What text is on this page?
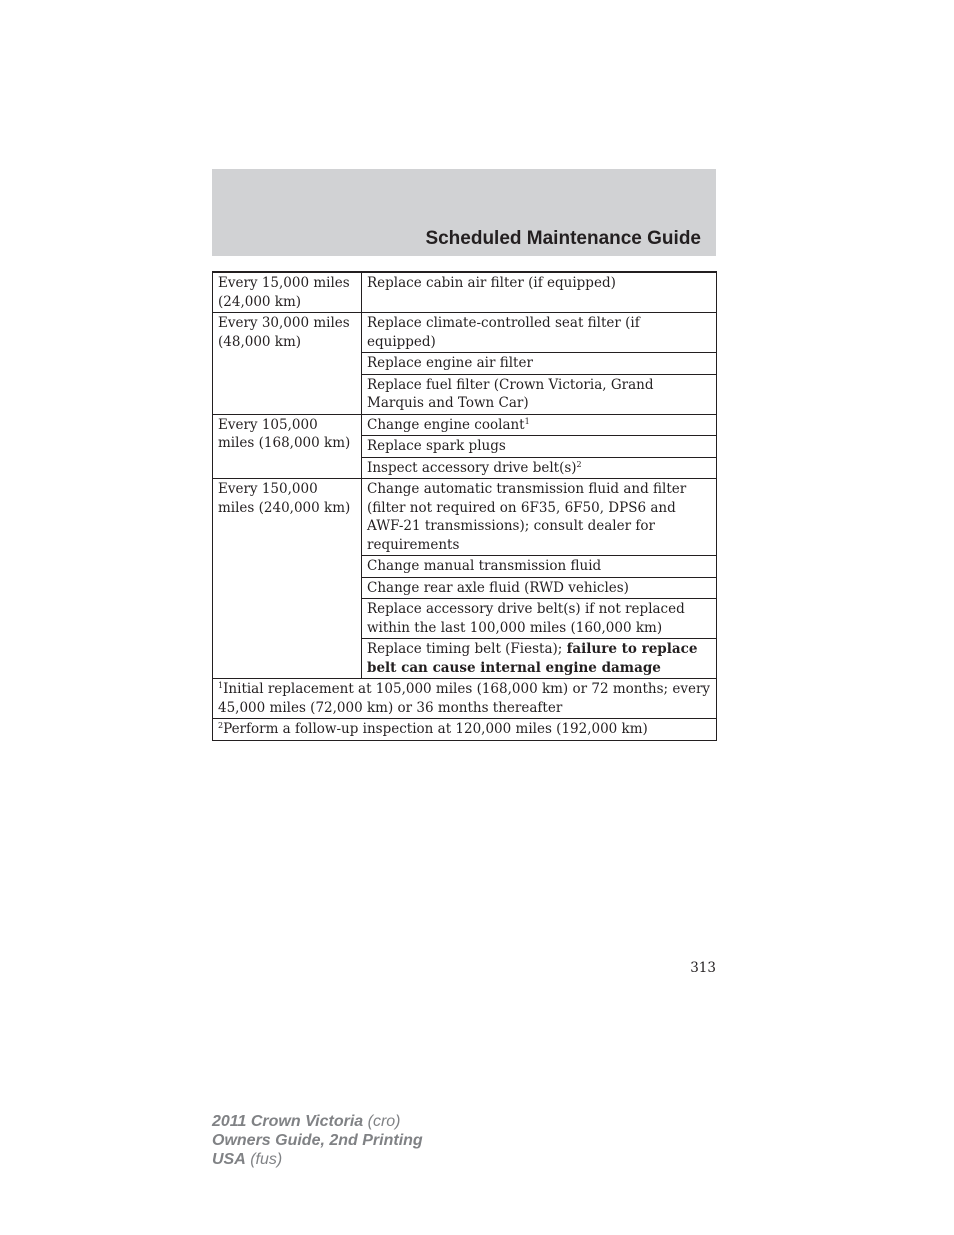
Scheduled Maintenance Guide
Every 15,000 miles (24,000 km)	Replace cabin air filter (if equipped)
Every 30,000 miles (48,000 km)	Replace climate-controlled seat filter (if equipped)
	Replace engine air filter
	Replace fuel filter (Crown Victoria, Grand Marquis and Town Car)
Every 105,000 miles (168,000 km)	Change engine coolant$^1$
	Replace spark plugs
	Inspect accessory drive $belt(s)^2$
Every 150,000 miles (240,000 km)	Change automatic transmission fluid and filter (filter not required on 6F35, 6F50, DPS6 and AWF-21 transmissions); consult dealer for requirements
	Change manual transmission fluid
	Change rear axle fluid (RWD vehicles)
	Replace accessory drive belt(s) if not replaced within the last 100,000 miles (160,000 km)
	Replace timing belt (Fiesta); failure to replace belt can cause internal engine damage
$^1$Initial replacement at 105,000 miles (168,000 km) or 72 months; every 45,000 miles (72,000 km) or 36 months thereafter	
$^2$Perform a follow-up inspection at 120,000 miles (192,000 km)	
313
2011 Crown Victoria (cro)
Owners Guide, 2nd Printing
USA (fus)
